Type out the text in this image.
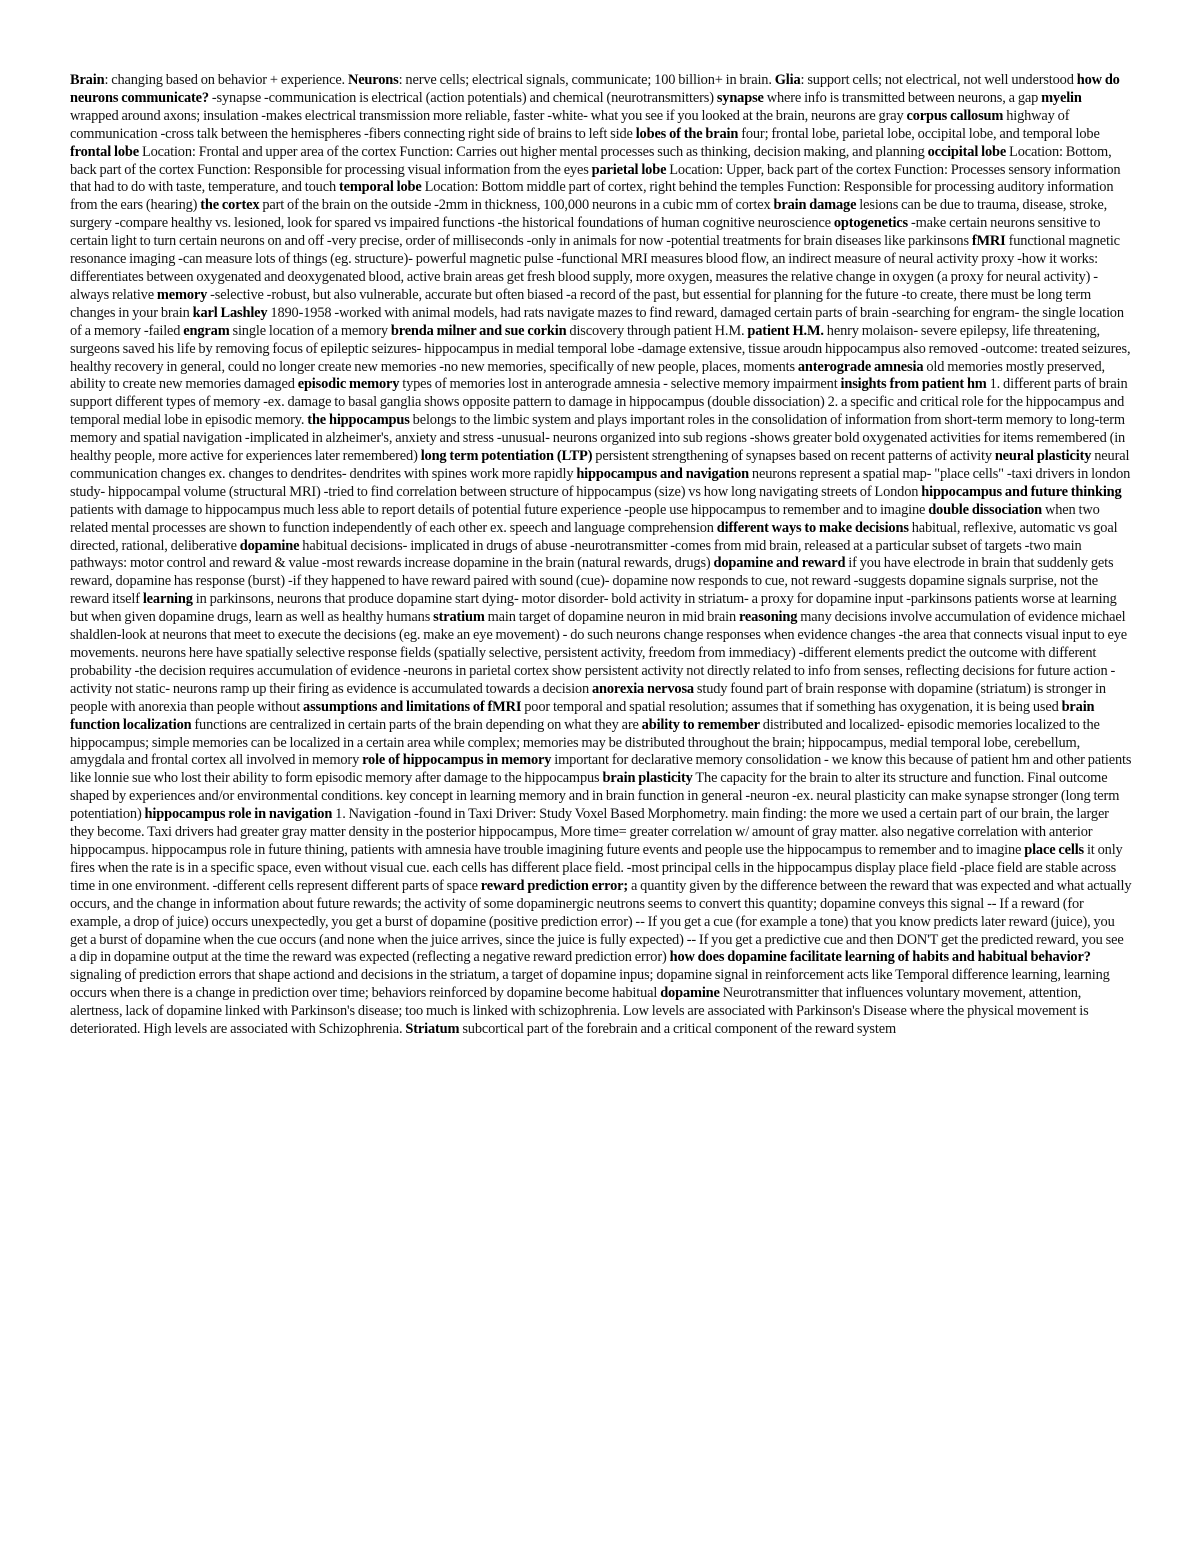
Brain: changing based on behavior + experience. Neurons: nerve cells; electrical signals, communicate; 100 billion+ in brain. Glia: support cells; not electrical, not well understood how do neurons communicate? -synapse -communication is electrical (action potentials) and chemical (neurotransmitters) synapse where info is transmitted between neurons, a gap myelin wrapped around axons; insulation -makes electrical transmission more reliable, faster -white- what you see if you looked at the brain, neurons are gray corpus callosum highway of communication -cross talk between the hemispheres -fibers connecting right side of brains to left side lobes of the brain four; frontal lobe, parietal lobe, occipital lobe, and temporal lobe frontal lobe Location: Frontal and upper area of the cortex Function: Carries out higher mental processes such as thinking, decision making, and planning occipital lobe Location: Bottom, back part of the cortex Function: Responsible for processing visual information from the eyes parietal lobe Location: Upper, back part of the cortex Function: Processes sensory information that had to do with taste, temperature, and touch temporal lobe Location: Bottom middle part of cortex, right behind the temples Function: Responsible for processing auditory information from the ears (hearing) the cortex part of the brain on the outside -2mm in thickness, 100,000 neurons in a cubic mm of cortex brain damage lesions can be due to trauma, disease, stroke, surgery -compare healthy vs. lesioned, look for spared vs impaired functions -the historical foundations of human cognitive neuroscience optogenetics -make certain neurons sensitive to certain light to turn certain neurons on and off -very precise, order of milliseconds -only in animals for now -potential treatments for brain diseases like parkinsons fMRI functional magnetic resonance imaging -can measure lots of things (eg. structure)- powerful magnetic pulse -functional MRI measures blood flow, an indirect measure of neural activity proxy -how it works: differentiates between oxygenated and deoxygenated blood, active brain areas get fresh blood supply, more oxygen, measures the relative change in oxygen (a proxy for neural activity) -always relative memory -selective -robust, but also vulnerable, accurate but often biased -a record of the past, but essential for planning for the future -to create, there must be long term changes in your brain karl Lashley 1890-1958 -worked with animal models, had rats navigate mazes to find reward, damaged certain parts of brain -searching for engram- the single location of a memory -failed engram single location of a memory brenda milner and sue corkin discovery through patient H.M. patient H.M. henry molaison- severe epilepsy, life threatening, surgeons saved his life by removing focus of epileptic seizures- hippocampus in medial temporal lobe -damage extensive, tissue aroudn hippocampus also removed -outcome: treated seizures, healthy recovery in general, could no longer create new memories -no new memories, specifically of new people, places, moments anterograde amnesia old memories mostly preserved, ability to create new memories damaged episodic memory types of memories lost in anterograde amnesia - selective memory impairment insights from patient hm 1. different parts of brain support different types of memory -ex. damage to basal ganglia shows opposite pattern to damage in hippocampus (double dissociation) 2. a specific and critical role for the hippocampus and temporal medial lobe in episodic memory. the hippocampus belongs to the limbic system and plays important roles in the consolidation of information from short-term memory to long-term memory and spatial navigation -implicated in alzheimer's, anxiety and stress -unusual- neurons organized into sub regions -shows greater bold oxygenated activities for items remembered (in healthy people, more active for experiences later remembered) long term potentiation (LTP) persistent strengthening of synapses based on recent patterns of activity neural plasticity neural communication changes ex. changes to dendrites- dendrites with spines work more rapidly hippocampus and navigation neurons represent a spatial map- "place cells" -taxi drivers in london study- hippocampal volume (structural MRI) -tried to find correlation between structure of hippocampus (size) vs how long navigating streets of London hippocampus and future thinking patients with damage to hippocampus much less able to report details of potential future experience -people use hippocampus to remember and to imagine double dissociation when two related mental processes are shown to function independently of each other ex. speech and language comprehension different ways to make decisions habitual, reflexive, automatic vs goal directed, rational, deliberative dopamine habitual decisions- implicated in drugs of abuse -neurotransmitter -comes from mid brain, released at a particular subset of targets -two main pathways: motor control and reward & value -most rewards increase dopamine in the brain (natural rewards, drugs) dopamine and reward if you have electrode in brain that suddenly gets reward, dopamine has response (burst) -if they happened to have reward paired with sound (cue)- dopamine now responds to cue, not reward -suggests dopamine signals surprise, not the reward itself learning in parkinsons, neurons that produce dopamine start dying- motor disorder- bold activity in striatum- a proxy for dopamine input -parkinsons patients worse at learning but when given dopamine drugs, learn as well as healthy humans stratium main target of dopamine neuron in mid brain reasoning many decisions involve accumulation of evidence michael shaldlen-look at neurons that meet to execute the decisions (eg. make an eye movement) - do such neurons change responses when evidence changes -the area that connects visual input to eye movements. neurons here have spatially selective response fields (spatially selective, persistent activity, freedom from immediacy) -different elements predict the outcome with different probability -the decision requires accumulation of evidence -neurons in parietal cortex show persistent activity not directly related to info from senses, reflecting decisions for future action -activity not static- neurons ramp up their firing as evidence is accumulated towards a decision anorexia nervosa study found part of brain response with dopamine (striatum) is stronger in people with anorexia than people without assumptions and limitations of fMRI poor temporal and spatial resolution; assumes that if something has oxygenation, it is being used brain function localization functions are centralized in certain parts of the brain depending on what they are ability to remember distributed and localized- episodic memories localized to the hippocampus; simple memories can be localized in a certain area while complex; memories may be distributed throughout the brain; hippocampus, medial temporal lobe, cerebellum, amygdala and frontal cortex all involved in memory role of hippocampus in memory important for declarative memory consolidation - we know this because of patient hm and other patients like lonnie sue who lost their ability to form episodic memory after damage to the hippocampus brain plasticity The capacity for the brain to alter its structure and function. Final outcome shaped by experiences and/or environmental conditions. key concept in learning memory and in brain function in general -neuron -ex. neural plasticity can make synapse stronger (long term potentiation) hippocampus role in navigation 1. Navigation -found in Taxi Driver: Study Voxel Based Morphometry. main finding: the more we used a certain part of our brain, the larger they become. Taxi drivers had greater gray matter density in the posterior hippocampus, More time= greater correlation w/ amount of gray matter. also negative correlation with anterior hippocampus. hippocampus role in future thining, patients with amnesia have trouble imagining future events and people use the hippocampus to remember and to imagine place cells it only fires when the rate is in a specific space, even without visual cue. each cells has different place field. -most principal cells in the hippocampus display place field -place field are stable across time in one environment. -different cells represent different parts of space reward prediction error; a quantity given by the difference between the reward that was expected and what actually occurs, and the change in information about future rewards; the activity of some dopaminergic neutrons seems to convert this quantity; dopamine conveys this signal -- If a reward (for example, a drop of juice) occurs unexpectedly, you get a burst of dopamine (positive prediction error) -- If you get a cue (for example a tone) that you know predicts later reward (juice), you get a burst of dopamine when the cue occurs (and none when the juice arrives, since the juice is fully expected) -- If you get a predictive cue and then DON'T get the predicted reward, you see a dip in dopamine output at the time the reward was expected (reflecting a negative reward prediction error) how does dopamine facilitate learning of habits and habitual behavior? signaling of prediction errors that shape actiond and decisions in the striatum, a target of dopamine inpus; dopamine signal in reinforcement acts like Temporal difference learning, learning occurs when there is a change in prediction over time; behaviors reinforced by dopamine become habitual dopamine Neurotransmitter that influences voluntary movement, attention, alertness, lack of dopamine linked with Parkinson's disease; too much is linked with schizophrenia. Low levels are associated with Parkinson's Disease where the physical movement is deteriorated. High levels are associated with Schizophrenia. Striatum subcortical part of the forebrain and a critical component of the reward system
